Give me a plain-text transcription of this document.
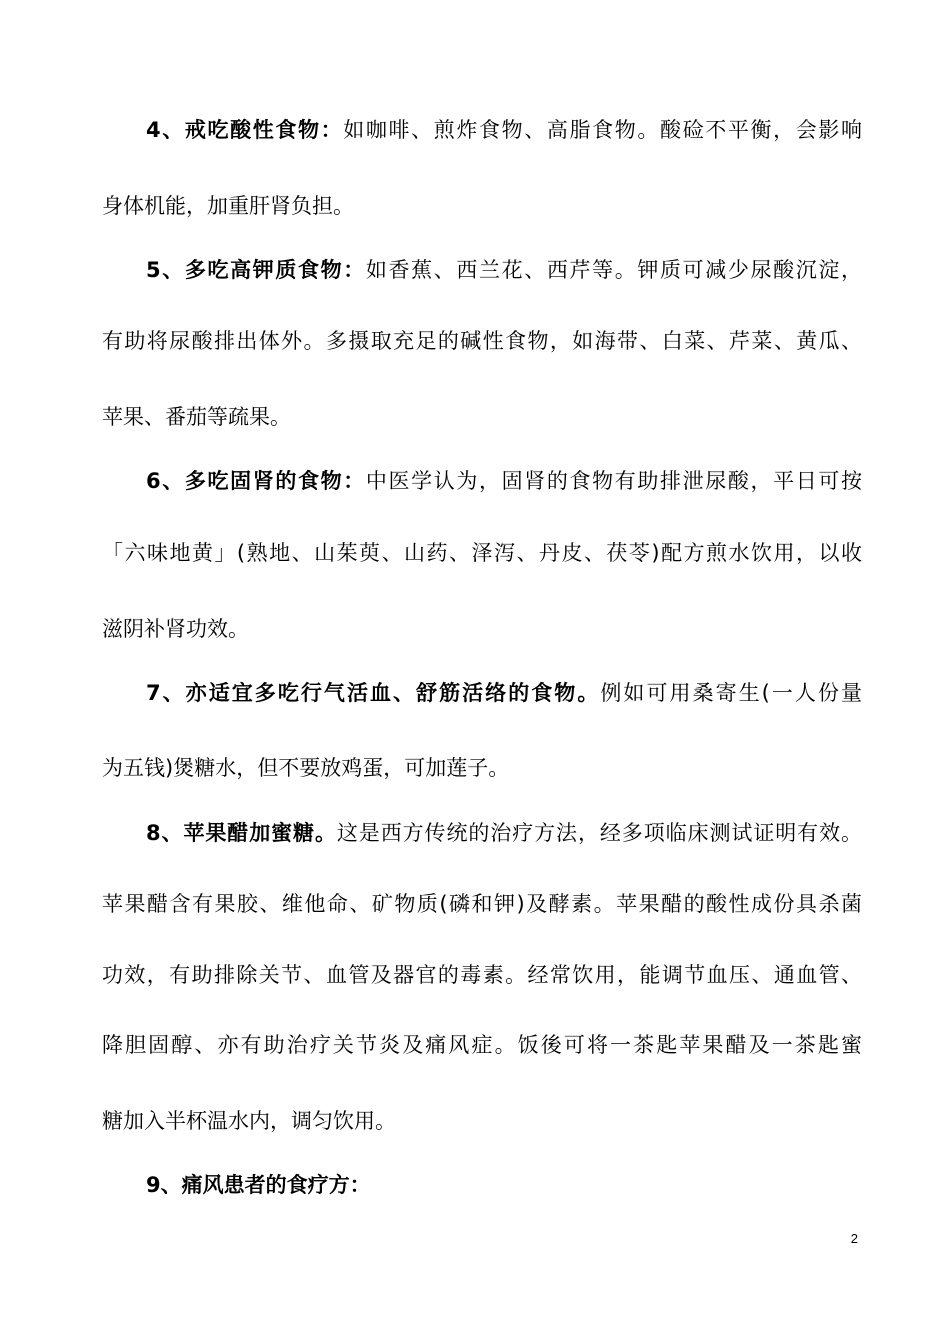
4、戒吃酸性食物：如咖啡、煎炸食物、高脂食物。酸硷不平衡，会影响
身体机能，加重肝肾负担。
5、多吃高钾质食物：如香蕉、西兰花、西芹等。钾质可减少尿酸沉淀，
有助将尿酸排出体外。多摄取充足的碱性食物，如海带、白菜、芹菜、黄瓜、
苹果、番茄等疏果。
6、多吃固肾的食物：中医学认为，固肾的食物有助排泄尿酸，平日可按
「六味地黄」(熟地、山茱萸、山药、泽泻、丹皮、茯苓)配方煎水饮用，以收
滋阴补肾功效。
7、亦适宜多吃行气活血、舒筋活络的食物。例如可用桑寄生(一人份量
为五钱)煲糖水，但不要放鸡蛋，可加莲子。
8、苹果醋加蜜糖。这是西方传统的治疗方法，经多项临床测试证明有效。
苹果醋含有果胶、维他命、矿物质(磷和钾)及酵素。苹果醋的酸性成份具杀菌
功效，有助排除关节、血管及器官的毒素。经常饮用，能调节血压、通血管、
降胆固醇、亦有助治疗关节炎及痛风症。饭後可将一茶匙苹果醋及一茶匙蜜
糖加入半杯温水内，调匀饮用。
9、痛风患者的食疗方：
2
